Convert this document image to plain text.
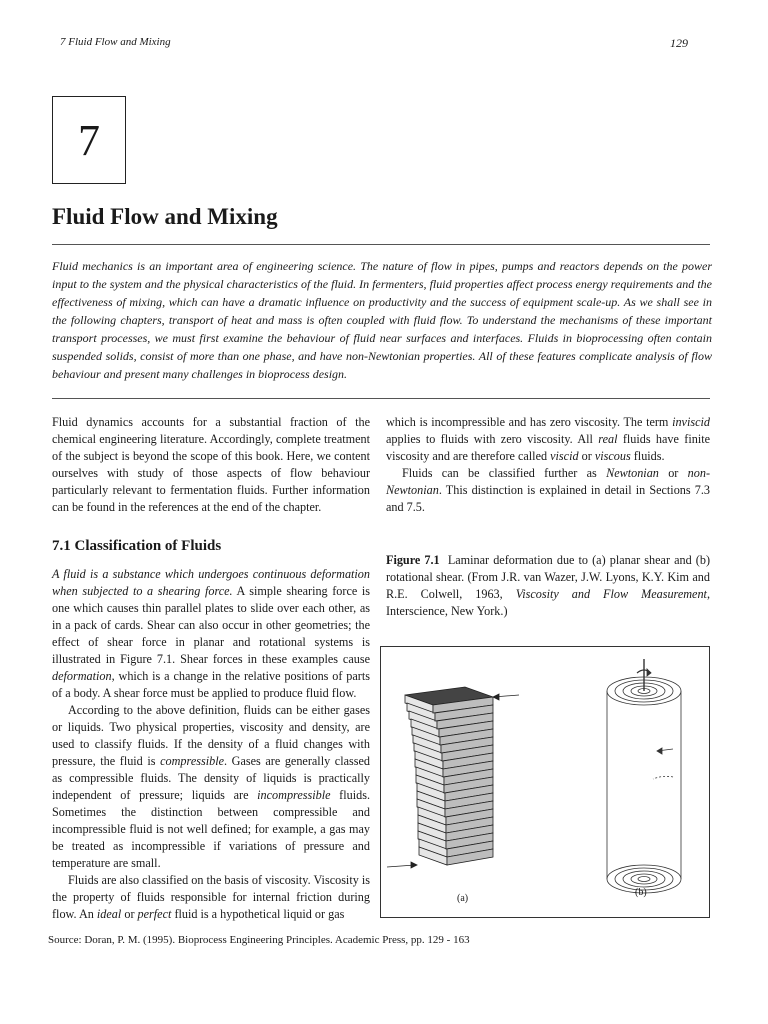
7 Fluid Flow and Mixing	129
7
Fluid Flow and Mixing
Fluid mechanics is an important area of engineering science. The nature of flow in pipes, pumps and reactors depends on the power input to the system and the physical characteristics of the fluid. In fermenters, fluid properties affect process energy requirements and the effectiveness of mixing, which can have a dramatic influence on productivity and the success of equipment scale-up. As we shall see in the following chapters, transport of heat and mass is often coupled with fluid flow. To understand the mechanisms of these important transport processes, we must first examine the behaviour of fluid near surfaces and interfaces. Fluids in bioprocessing often contain suspended solids, consist of more than one phase, and have non-Newtonian properties. All of these features complicate analysis of flow behaviour and present many challenges in bioprocess design.

Fluid dynamics accounts for a substantial fraction of the chemical engineering literature. Accordingly, complete treatment of the subject is beyond the scope of this book. Here, we content ourselves with study of those aspects of flow behaviour particularly relevant to fermentation fluids. Further information can be found in the references at the end of the chapter.

7.1 Classification of Fluids

A fluid is a substance which undergoes continuous deformation when subjected to a shearing force. A simple shearing force is one which causes thin parallel plates to slide over each other, as in a pack of cards. Shear can also occur in other geometries; the effect of shear force in planar and rotational systems is illustrated in Figure 7.1. Shear forces in these examples cause deformation, which is a change in the relative positions of parts of a body. A shear force must be applied to produce fluid flow.

According to the above definition, fluids can be either gases or liquids. Two physical properties, viscosity and density, are used to classify fluids. If the density of a fluid changes with pressure, the fluid is compressible. Gases are generally classed as compressible fluids. The density of liquids is practically independent of pressure; liquids are incompressible fluids. Sometimes the distinction between compressible and incompressible fluid is not well defined; for example, a gas may be treated as incompressible if variations of pressure and temperature are small.

Fluids are also classified on the basis of viscosity. Viscosity is the property of fluids responsible for internal friction during flow. An ideal or perfect fluid is a hypothetical liquid or gas

which is incompressible and has zero viscosity. The term inviscid applies to fluids with zero viscosity. All real fluids have finite viscosity and are therefore called viscid or viscous fluids.

Fluids can be classified further as Newtonian or non-Newtonian. This distinction is explained in detail in Sections 7.3 and 7.5.

Figure 7.1 Laminar deformation due to (a) planar shear and (b) rotational shear. (From J.R. van Wazer, J.W. Lyons, K.Y. Kim and R.E. Colwell, 1963, Viscosity and Flow Measurement, Interscience, New York.)
(a)
(b)
Source: Doran, P. M. (1995). Bioprocess Engineering Principles. Academic Press, pp. 129 - 163
